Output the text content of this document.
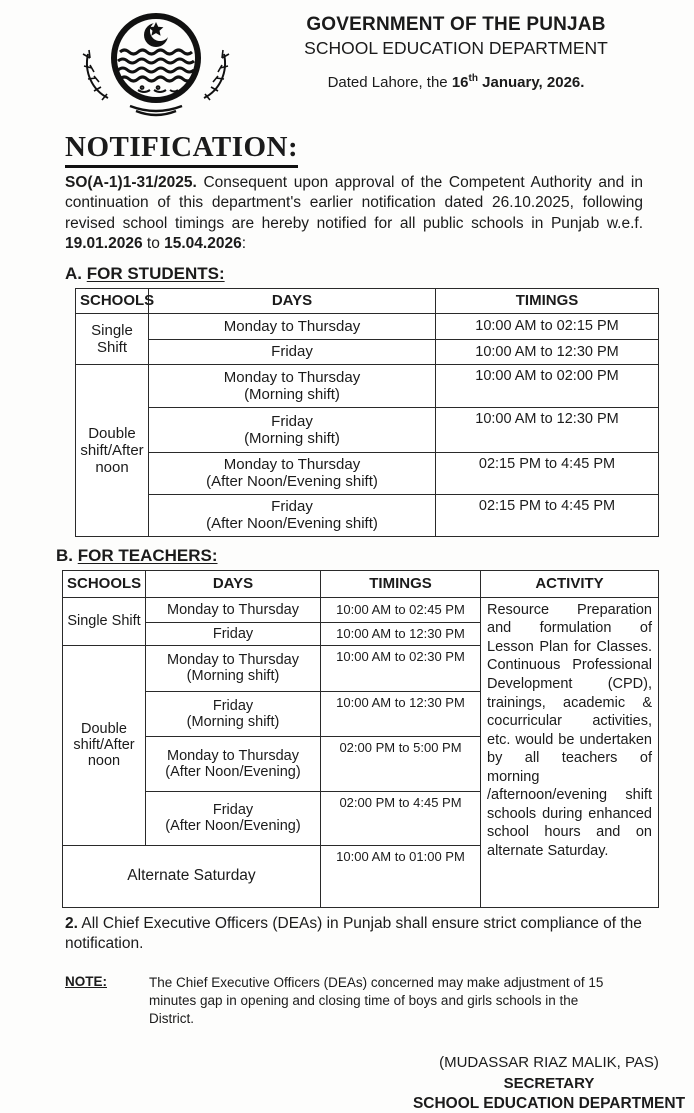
GOVERNMENT OF THE PUNJAB
SCHOOL EDUCATION DEPARTMENT
Dated Lahore, the 16th January, 2026.
NOTIFICATION:

SO(A-1)1-31/2025. Consequent upon approval of the Competent Authority and in continuation of this department's earlier notification dated 26.10.2025, following revised school timings are hereby notified for all public schools in Punjab w.e.f. 19.01.2026 to 15.04.2026:

A. FOR STUDENTS:
SCHOOLS	DAYS	TIMINGS
Single Shift	Monday to Thursday	10:00 AM to 02:15 PM
	Friday	10:00 AM to 12:30 PM
Double shift/After noon	Monday to Thursday
(Morning shift)	10:00 AM to 02:00 PM

	Friday
(Morning shift)	10:00 AM to 12:30 PM

	Monday to Thursday
(After Noon/Evening shift)	02:15 PM to 4:45 PM

	Friday
(After Noon/Evening shift)	02:15 PM to 4:45 PM
B. FOR TEACHERS:
SCHOOLS	DAYS	TIMINGS	ACTIVITY
Single Shift	Monday to Thursday	10:00 AM to 02:45 PM	Resource Preparation and formulation of Lesson Plan for Classes. Continuous Professional Development (CPD), trainings, academic & cocurricular activities, etc. would be undertaken by all teachers of morning /afternoon/evening shift schools during enhanced school hours and on alternate Saturday.
	Friday	10:00 AM to 12:30 PM	
Double shift/After noon	Monday to Thursday
(Morning shift)	10:00 AM to 02:30 PM	

	Friday
(Morning shift)	10:00 AM to 12:30 PM	

	Monday to Thursday
(After Noon/Evening)	02:00 PM to 5:00 PM	

	Friday
(After Noon/Evening)	02:00 PM to 4:45 PM	
Alternate Saturday		10:00 AM to 01:00 PM	

2. All Chief Executive Officers (DEAs) in Punjab shall ensure strict compliance of the notification.

NOTE:	The Chief Executive Officers (DEAs) concerned may make adjustment of 15 minutes gap in opening and closing time of boys and girls schools in the District.
(MUDASSAR RIAZ MALIK, PAS)
SECRETARY
SCHOOL EDUCATION DEPARTMENT
